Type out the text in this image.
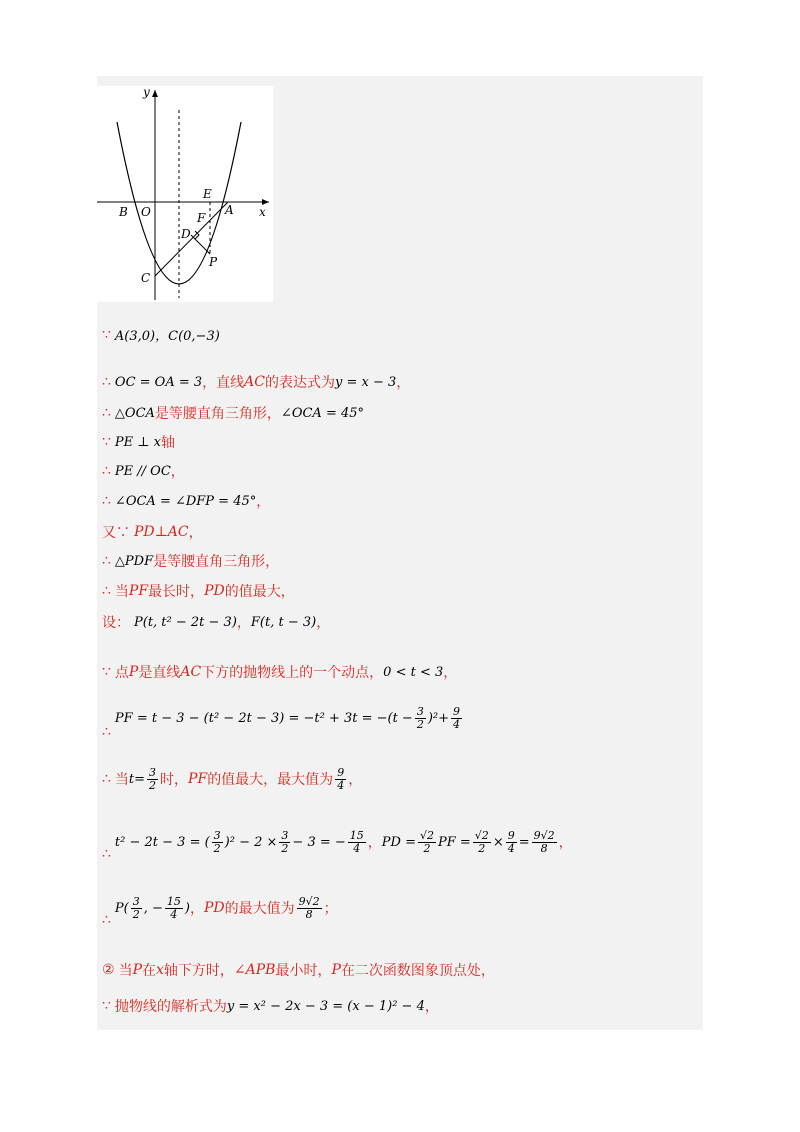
y
x
B O	A
E
F
D
C
P
∵ A(3,0)，C(0,−3)
∴ OC = OA = 3 ，直线 AC 的表达式为 y = x − 3 ，
∴ △OCA 是等腰直角三角形， ∠OCA = 45°
∵ PE ⊥ x 轴
∴ PE // OC ，
∴ ∠OCA = ∠DFP = 45° ，
又∵ PD⊥AC ，
∴ △PDF 是等腰直角三角形，
∴ 当 PF 最长时， PD 的值最大，
设： P(t, t² − 2t − 3) ， F(t, t − 3) ，
∵ 点 P 是直线 AC 下方的抛物线上的一个动点， 0 < t < 3 ，
∴
PF = $t - 3 - (t^2 - 2t - 3) = -t^2 + 3t = -(t - \frac{3}{2} )^2+ \frac{9}{4}$
∴ 当 $t= \frac{3}{2}$ 时， PF 的值最大，最大值为 $\frac{9}{4}$ ，
∴
t² − 2t − 3 = ( $\frac{3}{2} )^2 - 2 \times \frac{3}{2} - 3$ = − $\frac{15}{4}$ ， PD = $\frac{√2}{2}$ PF = $\frac{√2}{2} \times \frac{9}{4} = \frac{9√2}{8}$ ，
∴
$P( \frac{3}{2}$ , − $\frac{15}{4}$ ) ， PD 的最大值为 $\frac{9√2}{8}$ ；
② 当 P 在 x 轴下方时， ∠APB 最小时， P 在二次函数图象顶点处，
∵ 抛物线的解析式为 y = x² − 2x − 3 = (x − 1)² − 4 ，
